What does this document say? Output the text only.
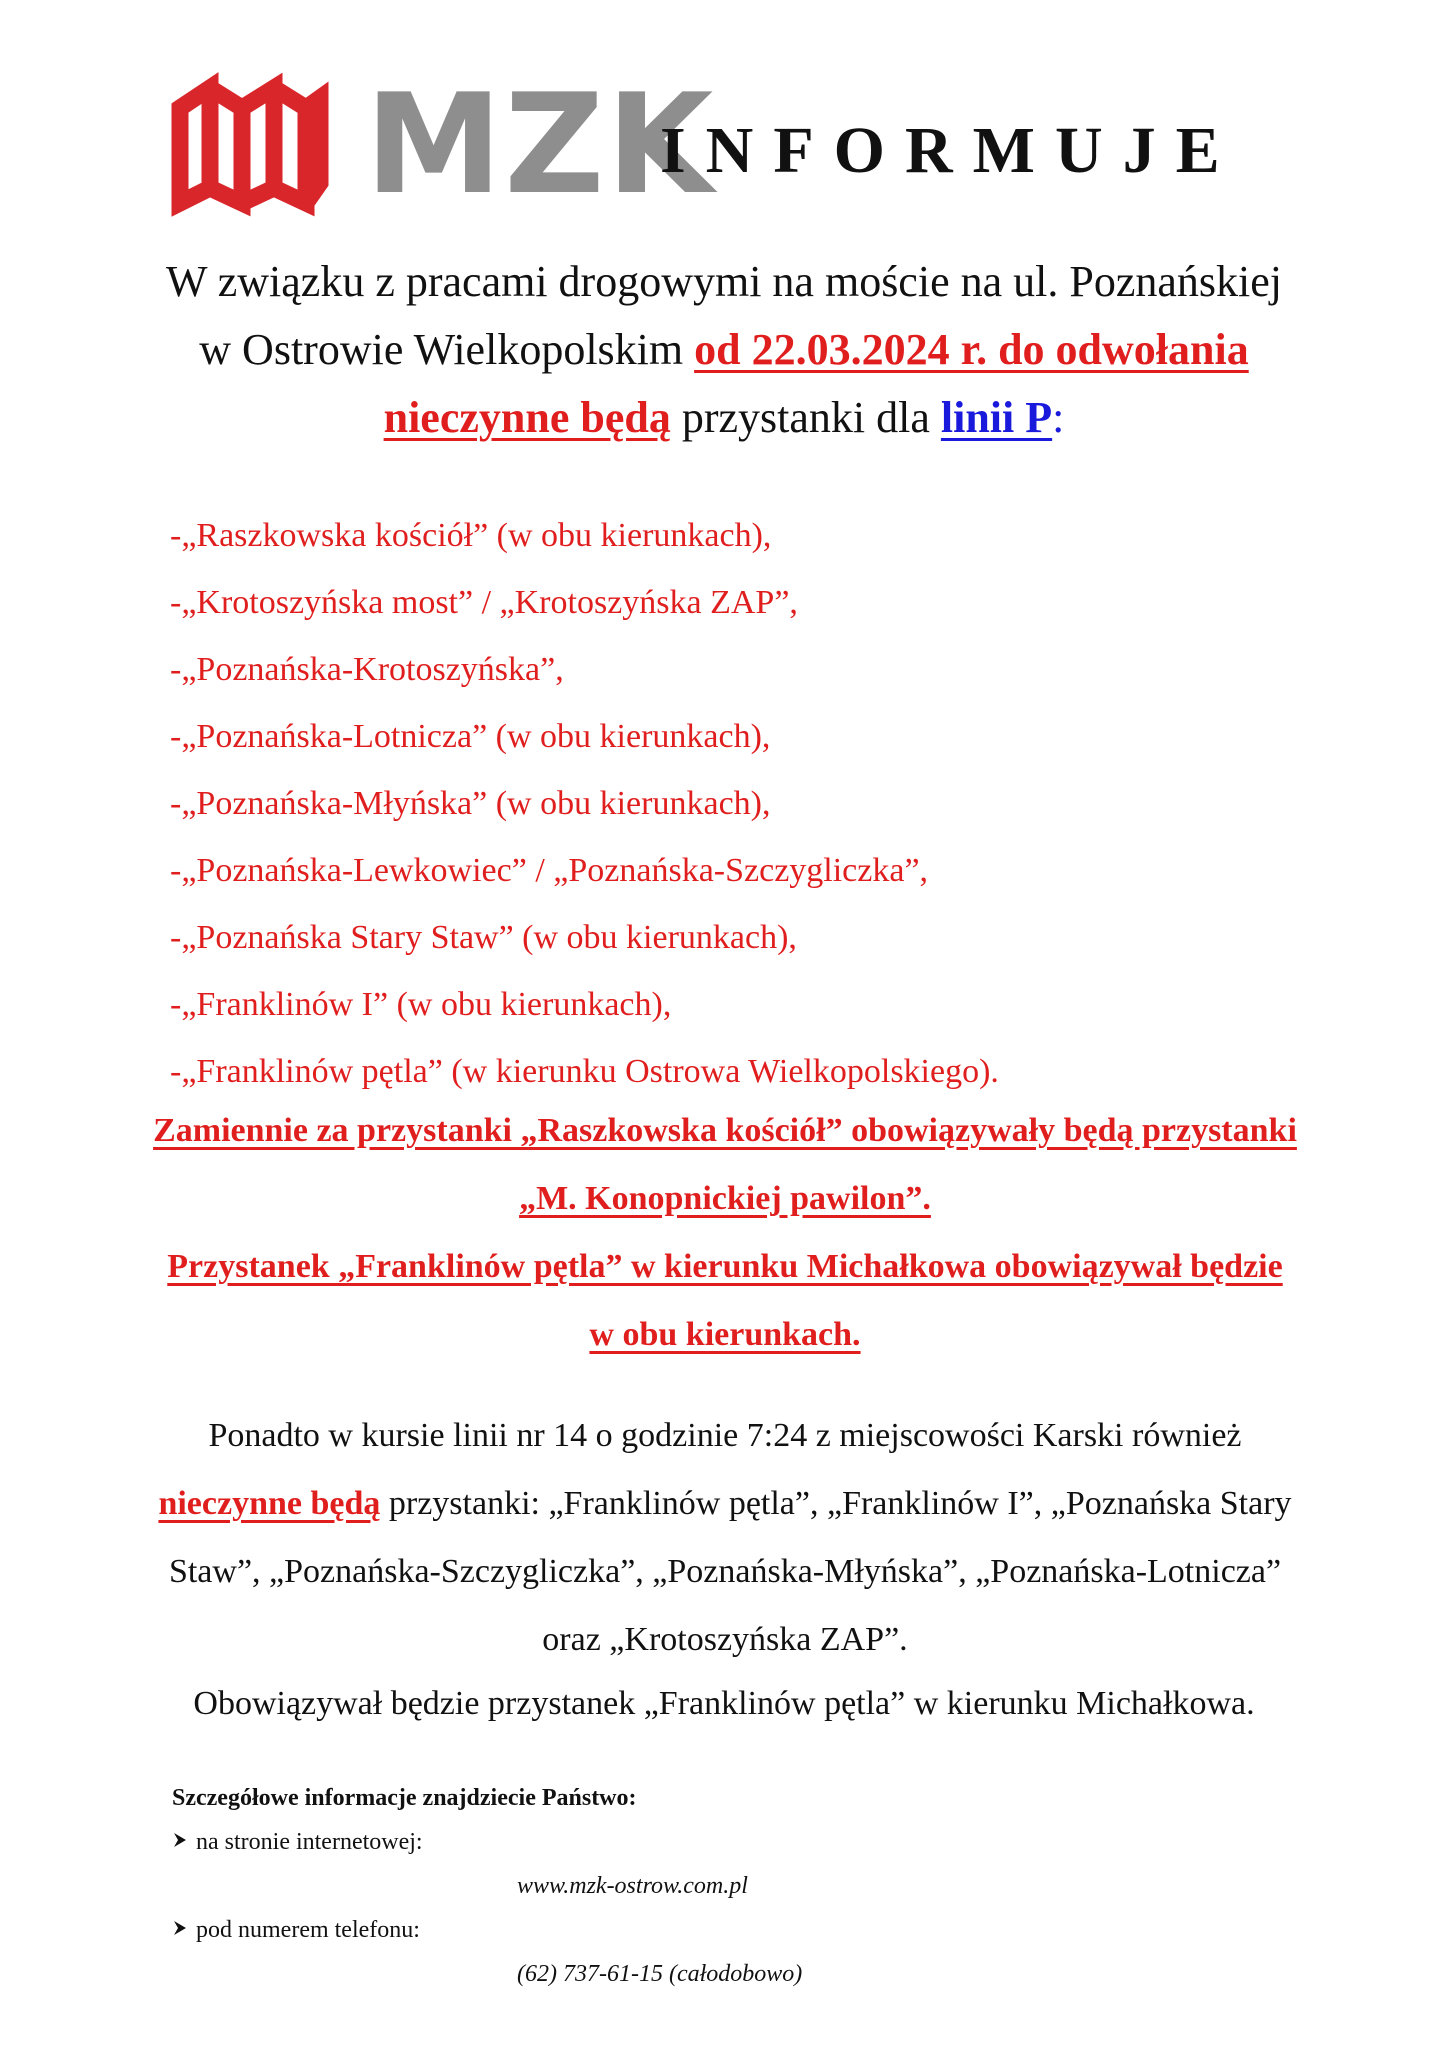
MZK
INFORMUJE
W związku z pracami drogowymi na moście na ul. Poznańskiej
w Ostrowie Wielkopolskim od 22.03.2024 r. do odwołania
nieczynne będą przystanki dla linii P:
-„Raszkowska kościół” (w obu kierunkach),
-„Krotoszyńska most” / „Krotoszyńska ZAP”,
-„Poznańska-Krotoszyńska”,
-„Poznańska-Lotnicza” (w obu kierunkach),
-„Poznańska-Młyńska” (w obu kierunkach),
-„Poznańska-Lewkowiec” / „Poznańska-Szczygliczka”,
-„Poznańska Stary Staw” (w obu kierunkach),
-„Franklinów I” (w obu kierunkach),
-„Franklinów pętla” (w kierunku Ostrowa Wielkopolskiego).
Zamiennie za przystanki „Raszkowska kościół” obowiązywały będą przystanki
„M. Konopnickiej pawilon”.
Przystanek „Franklinów pętla” w kierunku Michałkowa obowiązywał będzie
w obu kierunkach.
Ponadto w kursie linii nr 14 o godzinie 7:24 z miejscowości Karski również
nieczynne będą przystanki: „Franklinów pętla”, „Franklinów I”, „Poznańska Stary
Staw”, „Poznańska-Szczygliczka”, „Poznańska-Młyńska”, „Poznańska-Lotnicza”
oraz „Krotoszyńska ZAP”.
Obowiązywał będzie przystanek „Franklinów pętla” w kierunku Michałkowa.
Szczegółowe informacje znajdziecie Państwo:
na stronie internetowej:
www.mzk-ostrow.com.pl
pod numerem telefonu:
(62) 737-61-15 (całodobowo)
